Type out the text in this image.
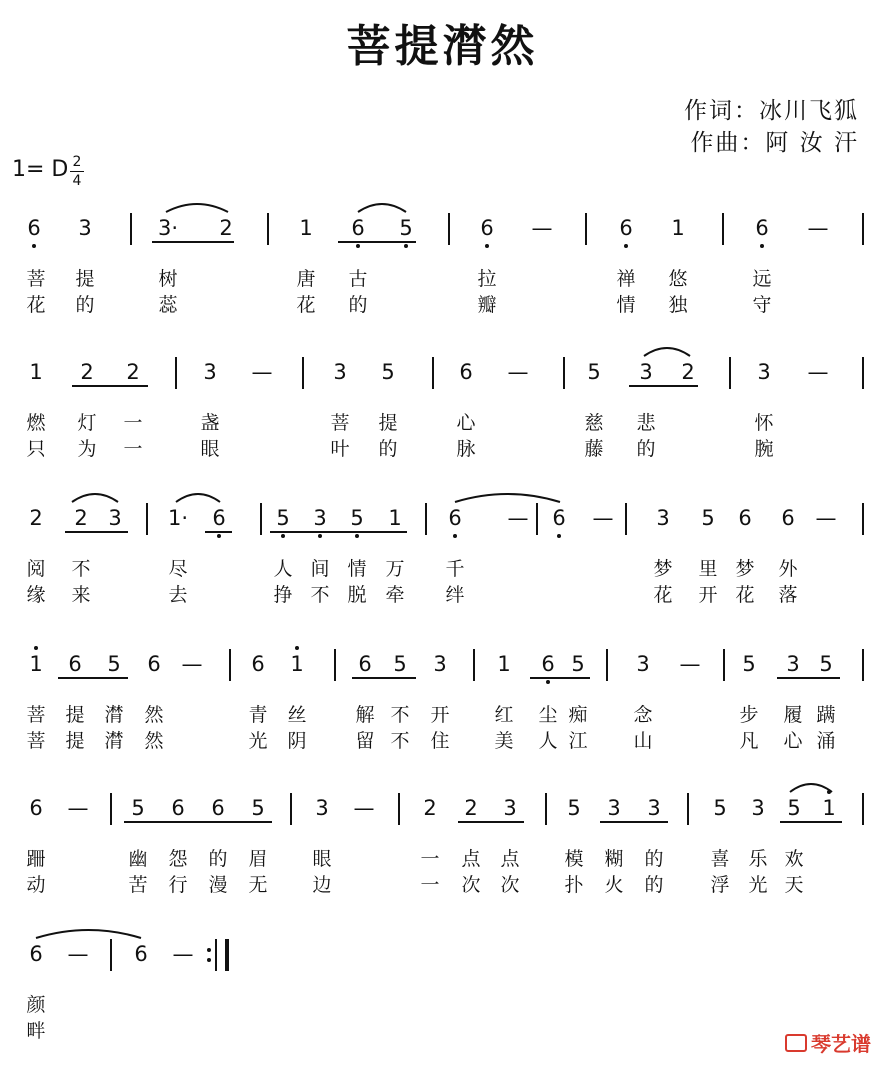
菩提潸然
作词：冰川飞狐
作曲：阿 汝 汗
1= D 2
4
6 3	3· 2	1 6 5	6 —	6 1	6 —
菩 提	树	唐 古	拉	禅 悠	远
花 的	蕊	花 的	瓣	情 独	守
1 2 2	3 —	3 5	6 —	5 3 2	3 —
燃 灯 一	盏	菩 提	心	慈 悲	怀
只 为 一	眼	叶 的	脉	藤 的	腕
2 2 3 1· 6 5 3 5 1 6 — 6 — 3 5 6 6 —
阅 不	尽	人 间 情 万 千	梦 里 梦 外
缘 来	去	挣 不 脱 牵 绊	花 开 花 落
1 6 5 6 — 6 1	6 5 3 1 6 5 3 — 5 3 5
菩 提 潸 然	青 丝	解 不 开 红 尘 痴 念	步 履 蹒
菩 提 潸 然	光 阴	留 不 住 美 人 江 山	凡 心 涌
6 — 5 6 6 5 3 — 2 2 3 5 3 3	5 3 5 1
跚	幽 怨 的 眉 眼	一 点 点 模 糊 的 喜 乐 欢
动	苦 行 漫 无 边	一 次 次 扑 火 的 浮 光 天
6 — 6 —
颜
畔
琴艺谱
